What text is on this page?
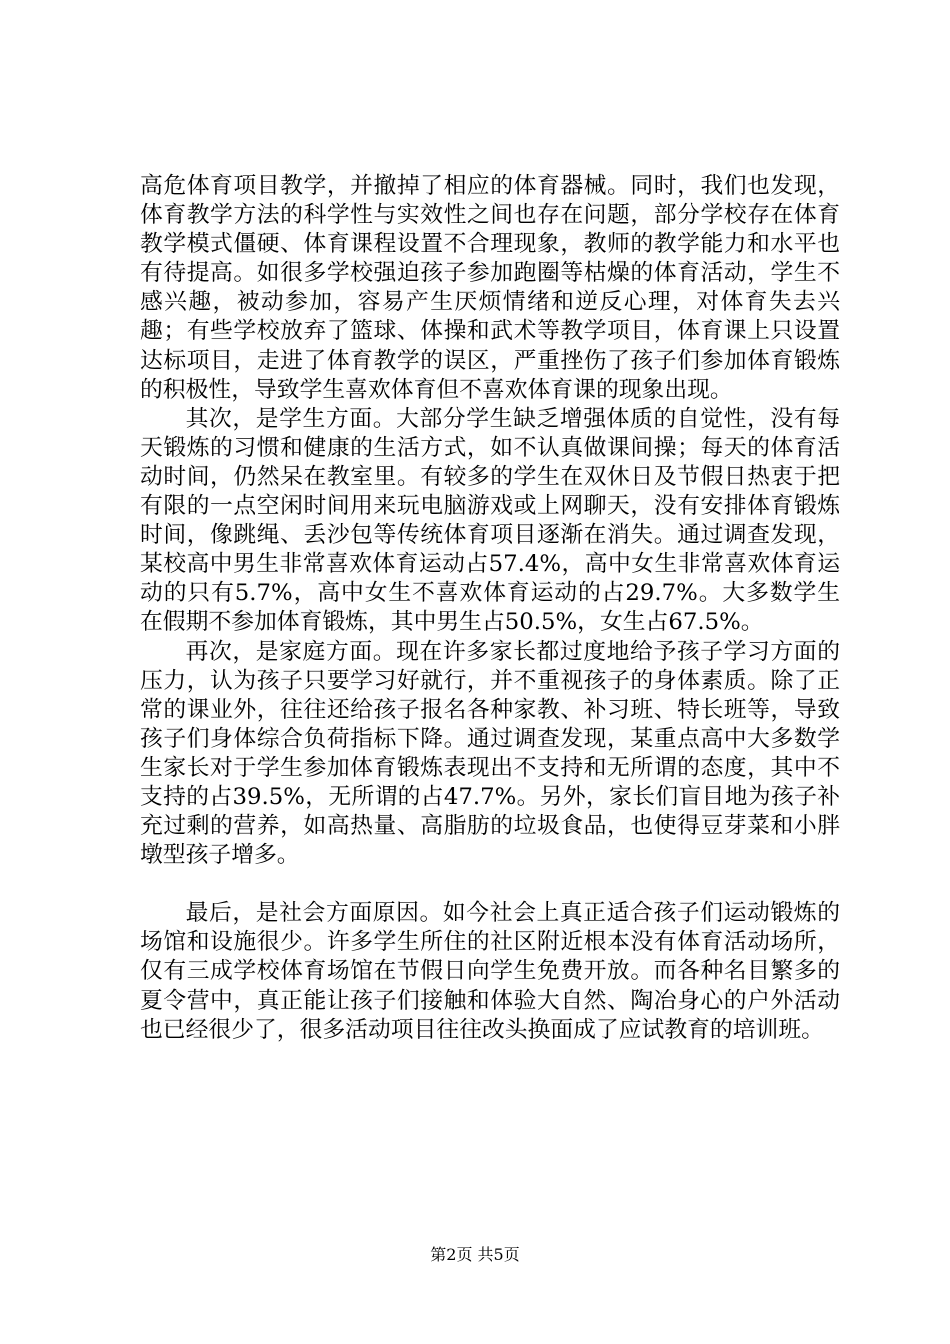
高危体育项目教学，并撤掉了相应的体育器械。同时，我们也发现，体育教学方法的科学性与实效性之间也存在问题，部分学校存在体育教学模式僵硬、体育课程设置不合理现象，教师的教学能力和水平也有待提高。如很多学校强迫孩子参加跑圈等枯燥的体育活动，学生不感兴趣，被动参加，容易产生厌烦情绪和逆反心理，对体育失去兴趣；有些学校放弃了篮球、体操和武术等教学项目，体育课上只设置达标项目，走进了体育教学的误区，严重挫伤了孩子们参加体育锻炼的积极性，导致学生喜欢体育但不喜欢体育课的现象出现。

其次，是学生方面。大部分学生缺乏增强体质的自觉性，没有每天锻炼的习惯和健康的生活方式，如不认真做课间操；每天的体育活动时间，仍然呆在教室里。有较多的学生在双休日及节假日热衷于把有限的一点空闲时间用来玩电脑游戏或上网聊天，没有安排体育锻炼时间，像跳绳、丢沙包等传统体育项目逐渐在消失。通过调查发现，某校高中男生非常喜欢体育运动占57.4%，高中女生非常喜欢体育运动的只有5.7%，高中女生不喜欢体育运动的占29.7%。大多数学生在假期不参加体育锻炼，其中男生占50.5%，女生占67.5%。

再次，是家庭方面。现在许多家长都过度地给予孩子学习方面的压力，认为孩子只要学习好就行，并不重视孩子的身体素质。除了正常的课业外，往往还给孩子报名各种家教、补习班、特长班等，导致孩子们身体综合负荷指标下降。通过调查发现，某重点高中大多数学生家长对于学生参加体育锻炼表现出不支持和无所谓的态度，其中不支持的占39.5%，无所谓的占47.7%。另外，家长们盲目地为孩子补充过剩的营养，如高热量、高脂肪的垃圾食品，也使得豆芽菜和小胖墩型孩子增多。

最后，是社会方面原因。如今社会上真正适合孩子们运动锻炼的场馆和设施很少。许多学生所住的社区附近根本没有体育活动场所，仅有三成学校体育场馆在节假日向学生免费开放。而各种名目繁多的夏令营中，真正能让孩子们接触和体验大自然、陶冶身心的户外活动也已经很少了，很多活动项目往往改头换面成了应试教育的培训班。

第2页 共5页
